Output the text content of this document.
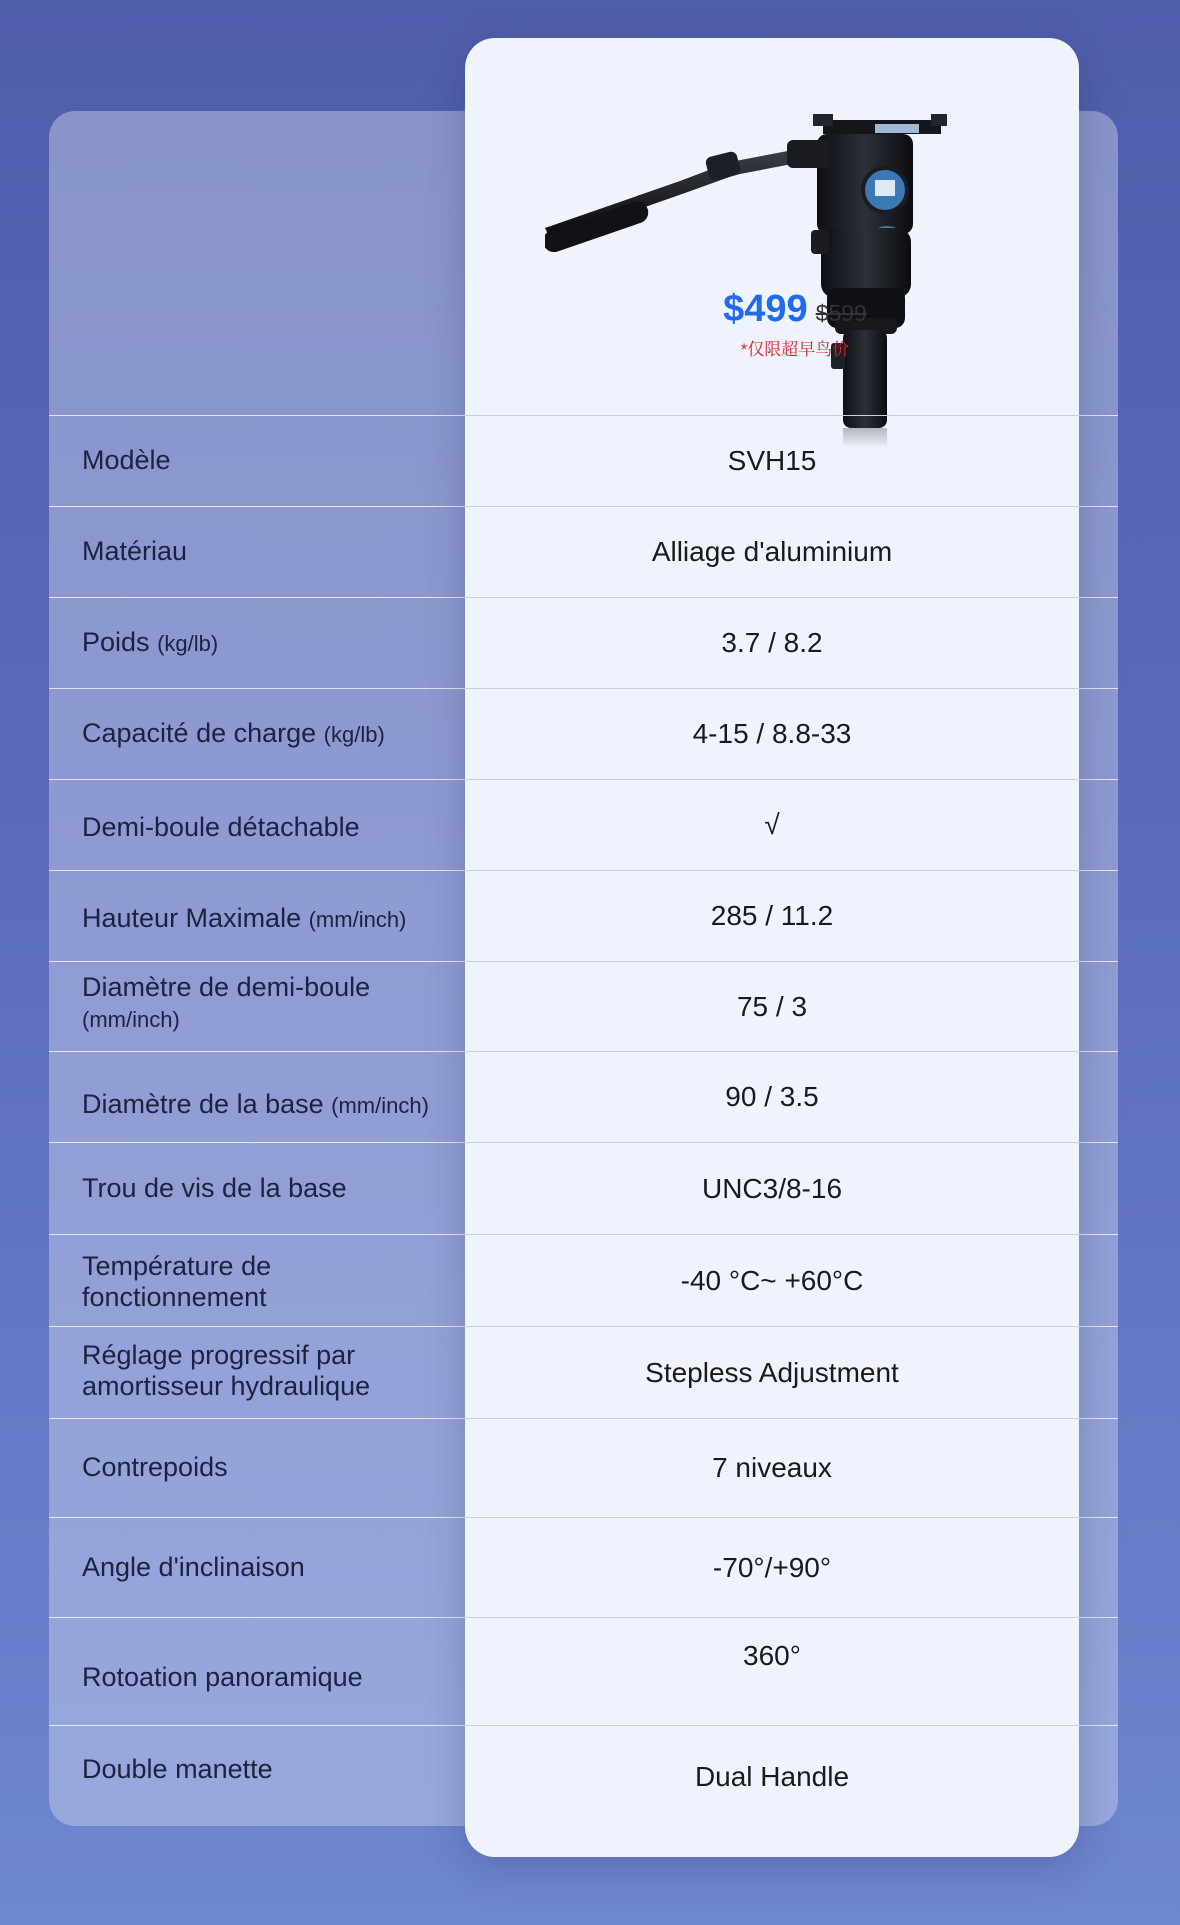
Modèle
Matériau
Poids (kg/lb)
Capacité de charge (kg/lb)
Demi-boule détachable
Hauteur Maximale (mm/inch)
Diamètre de demi-boule
(mm/inch)
Diamètre de la base (mm/inch)
Trou de vis de la base
Température de fonctionnement
Réglage progressif par amortisseur hydraulique
Contrepoids
Angle d'inclinaison
Rotoation panoramique
Double manette
$499 $599
*仅限超早鸟价
SVH15
Alliage d'aluminium
3.7 / 8.2
4-15 / 8.8-33
√
285 / 11.2
75 / 3
90 / 3.5
UNC3/8-16
-40 °C~ +60°C
Stepless Adjustment
7 niveaux
-70°/+90°
360°
Dual Handle
